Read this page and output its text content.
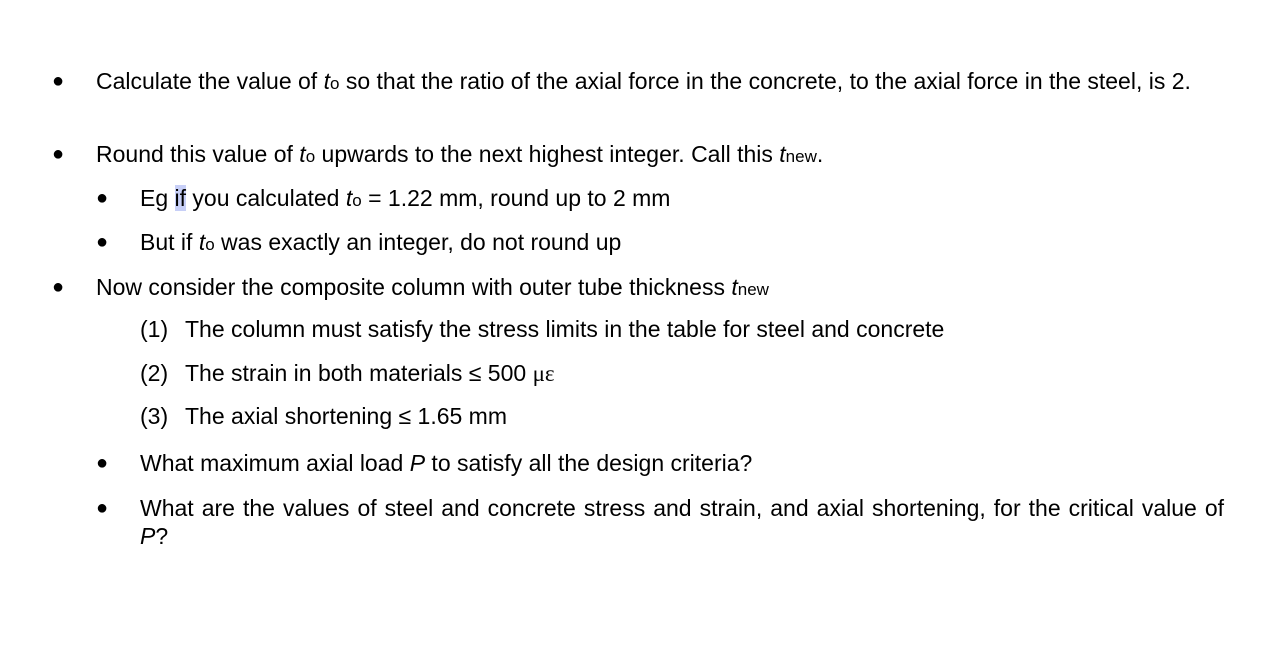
● Calculate the value of to so that the ratio of the axial force in the concrete, to the axial force in the steel, is 2.
● Round this value of to upwards to the next highest integer. Call this tnew.
● Eg if you calculated to = 1.22 mm, round up to 2 mm
● But if to was exactly an integer, do not round up
● Now consider the composite column with outer tube thickness tnew
(1) The column must satisfy the stress limits in the table for steel and concrete
(2) The strain in both materials ≤ 500 με
(3) The axial shortening ≤ 1.65 mm
● What maximum axial load P to satisfy all the design criteria?
● What are the values of steel and concrete stress and strain, and axial shortening, for the critical value of P?
